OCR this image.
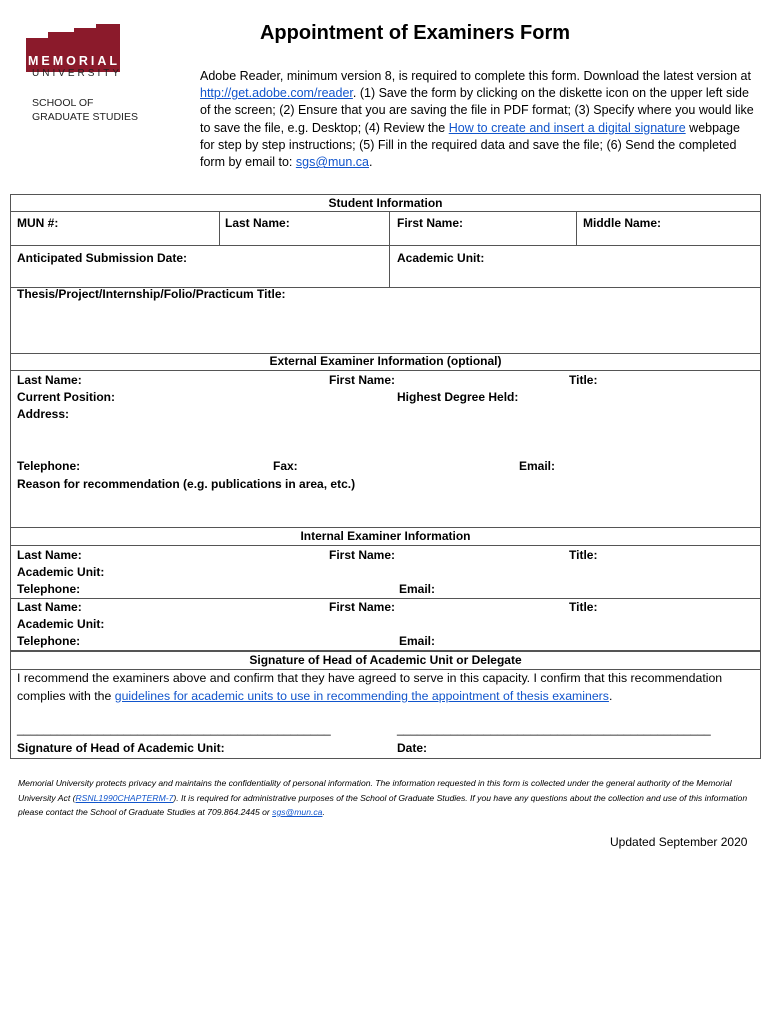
MEMORIAL
UNIVERSITY
SCHOOL OF
GRADUATE STUDIES
Appointment of Examiners Form
Adobe Reader, minimum version 8, is required to complete this form. Download the latest version at http://get.adobe.com/reader. (1) Save the form by clicking on the diskette icon on the upper left side of the screen; (2) Ensure that you are saving the file in PDF format; (3) Specify where you would like to save the file, e.g. Desktop; (4) Review the How to create and insert a digital signature webpage for step by step instructions; (5) Fill in the required data and save the file; (6) Send the completed form by email to: sgs@mun.ca.
Student Information
MUN #:	Last Name:	First Name:	Middle Name:
Anticipated Submission Date:	Academic Unit:
Thesis/Project/Internship/Folio/Practicum Title:
External Examiner Information (optional)
Last Name:	First Name:	Title:
Current Position:	Highest Degree Held:
Address:
Telephone:	Fax:	Email:
Reason for recommendation (e.g. publications in area, etc.)
Internal Examiner Information
Last Name:	First Name:	Title:
Academic Unit:
Telephone:	Email:
Last Name:	First Name:	Title:
Academic Unit:
Telephone:	Email:
Signature of Head of Academic Unit or Delegate
I recommend the examiners above and confirm that they have agreed to serve in this capacity. I confirm that this recommendation complies with the guidelines for academic units to use in recommending the appointment of thesis examiners.
_______________________________________________	_______________________________________________
Signature of Head of Academic Unit:	Date:
Memorial University protects privacy and maintains the confidentiality of personal information. The information requested in this form is collected under the general authority of the Memorial University Act (RSNL1990CHAPTERM-7). It is required for administrative purposes of the School of Graduate Studies. If you have any questions about the collection and use of this information please contact the School of Graduate Studies at 709.864.2445 or sgs@mun.ca.
Updated September 2020
